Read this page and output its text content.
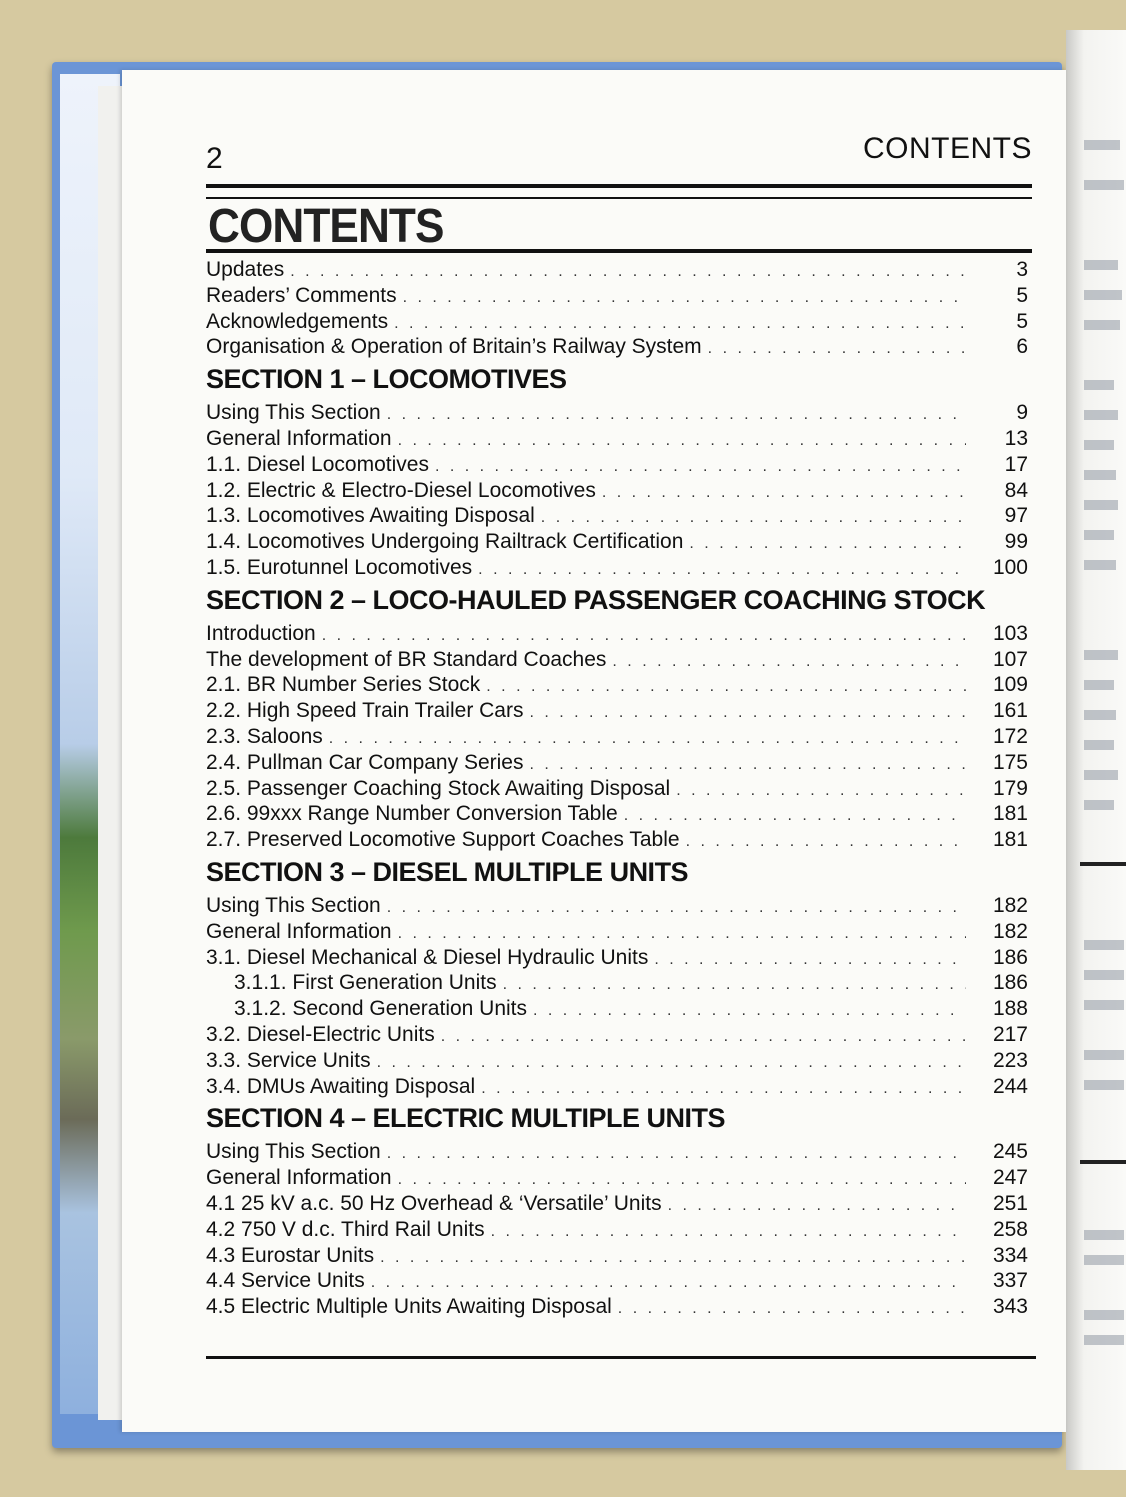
2	CONTENTS
CONTENTS
Updates . . .	3
Readers’ Comments . . .	5
Acknowledgements . . .	5
Organisation & Operation of Britain’s Railway System . . .	6
SECTION 1 – LOCOMOTIVES
Using This Section . . .	9
General Information . . .	13
1.1. Diesel Locomotives . . .	17
1.2. Electric & Electro-Diesel Locomotives . . .	84
1.3. Locomotives Awaiting Disposal . . .	97
1.4. Locomotives Undergoing Railtrack Certification . . .	99
1.5. Eurotunnel Locomotives . . .	100
SECTION 2 – LOCO-HAULED PASSENGER COACHING STOCK
Introduction . . .	103
The development of BR Standard Coaches . . .	107
2.1. BR Number Series Stock . . .	109
2.2. High Speed Train Trailer Cars . . .	161
2.3. Saloons . . .	172
2.4. Pullman Car Company Series . . .	175
2.5. Passenger Coaching Stock Awaiting Disposal . . .	179
2.6. 99xxx Range Number Conversion Table . . .	181
2.7. Preserved Locomotive Support Coaches Table . . .	181
SECTION 3 – DIESEL MULTIPLE UNITS
Using This Section . . .	182
General Information . . .	182
3.1. Diesel Mechanical & Diesel Hydraulic Units . . .	186
3.1.1. First Generation Units . . .	186
3.1.2. Second Generation Units . . .	188
3.2. Diesel-Electric Units . . .	217
3.3. Service Units . . .	223
3.4. DMUs Awaiting Disposal . . .	244
SECTION 4 – ELECTRIC MULTIPLE UNITS
Using This Section . . .	245
General Information . . .	247
4.1 25 kV a.c. 50 Hz Overhead & ‘Versatile’ Units . . .	251
4.2 750 V d.c. Third Rail Units . . .	258
4.3 Eurostar Units . . .	334
4.4 Service Units . . .	337
4.5 Electric Multiple Units Awaiting Disposal . . .	343
